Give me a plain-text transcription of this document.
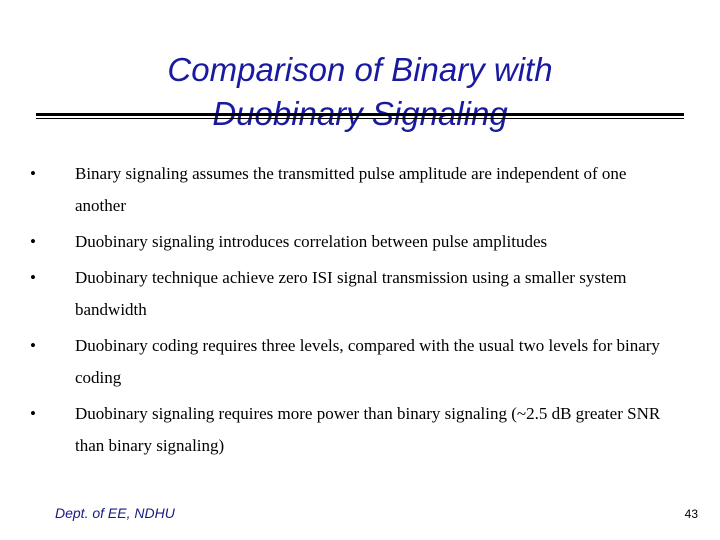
Comparison of Binary with
•	Binary signaling assumes the transmitted pulse amplitude are independent of one another
•	Duobinary signaling introduces correlation between pulse amplitudes
•	Duobinary technique achieve zero ISI signal transmission using a smaller system bandwidth
•	Duobinary coding requires three levels, compared with the usual two levels for binary coding
•	Duobinary signaling requires more power than binary signaling (~2.5 dB greater SNR than binary signaling)
Dept. of EE, NDHU	43
